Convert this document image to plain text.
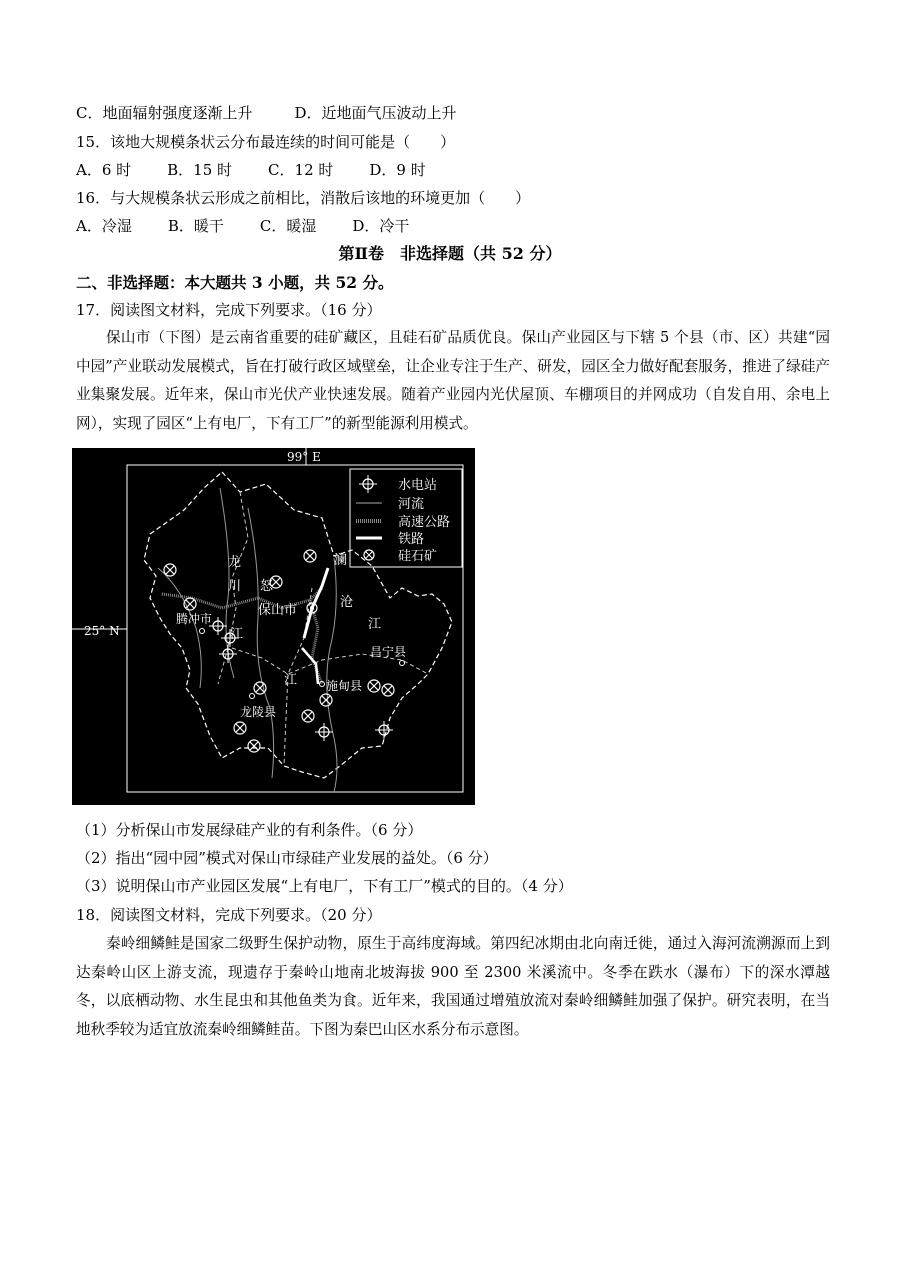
C．地面辐射强度逐渐上升	D．近地面气压波动上升
15．该地大规模条状云分布最连续的时间可能是（　　）
A．6 时 B．15 时 C．12 时 D．9 时
16．与大规模条状云形成之前相比，消散后该地的环境更加（　　）
A．冷湿 B．暖干 C．暖湿 D．冷干
第Ⅱ卷　非选择题（共 52 分）
二、非选择题：本大题共 3 小题，共 52 分。
17．阅读图文材料，完成下列要求。（16 分）
保山市（下图）是云南省重要的硅矿藏区，且硅石矿品质优良。保山产业园区与下辖 5 个县（市、区）共建“园中园”产业联动发展模式，旨在打破行政区域壁垒，让企业专注于生产、研发，园区全力做好配套服务，推进了绿硅产业集聚发展。近年来，保山市光伏产业快速发展。随着产业园内光伏屋顶、车棚项目的并网成功（自发自用、余电上网），实现了园区“上有电厂，下有工厂”的新型能源利用模式。
99° E
25° N
水电站
河流
高速公路
铁路
硅石矿
龙
川
江
怒
江
澜
沧
江
腾冲市
保山市
昌宁县
施甸县
龙陵县
（1）分析保山市发展绿硅产业的有利条件。（6 分）
（2）指出“园中园”模式对保山市绿硅产业发展的益处。（6 分）
（3）说明保山市产业园区发展“上有电厂，下有工厂”模式的目的。（4 分）
18．阅读图文材料，完成下列要求。（20 分）
秦岭细鳞鲑是国家二级野生保护动物，原生于高纬度海域。第四纪冰期由北向南迁徙，通过入海河流溯源而上到达秦岭山区上游支流，现遗存于秦岭山地南北坡海拔 900 至 2300 米溪流中。冬季在跌水（瀑布）下的深水潭越冬，以底栖动物、水生昆虫和其他鱼类为食。近年来，我国通过增殖放流对秦岭细鳞鲑加强了保护。研究表明，在当地秋季较为适宜放流秦岭细鳞鲑苗。下图为秦巴山区水系分布示意图。
